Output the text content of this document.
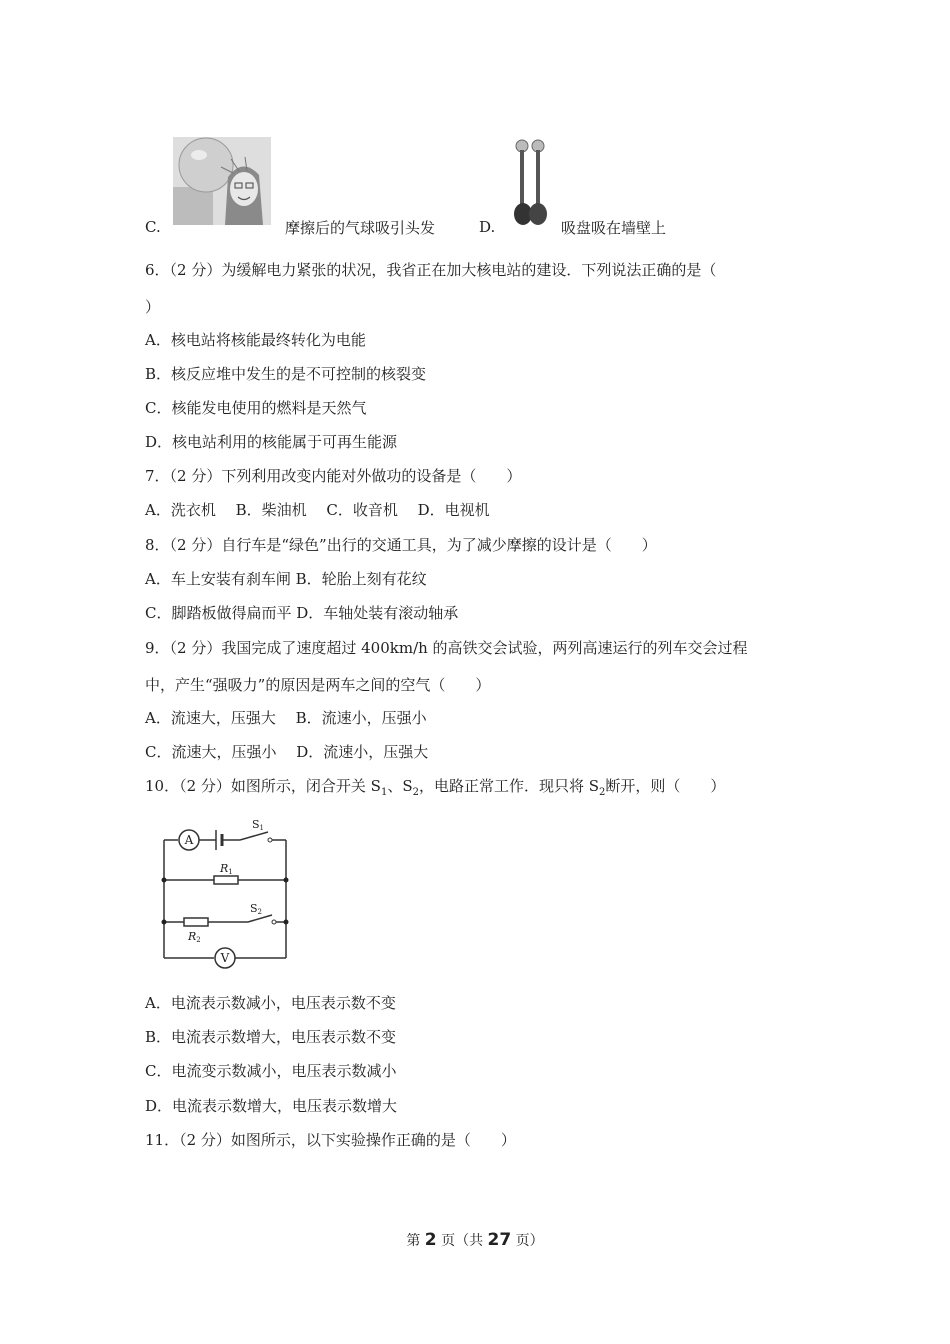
C.	摩擦后的气球吸引头发	D.	吸盘吸在墙壁上
6．（2 分）为缓解电力紧张的状况，我省正在加大核电站的建设．下列说法正确的是（
）
A．核电站将核能最终转化为电能
B．核反应堆中发生的是不可控制的核裂变
C．核能发电使用的燃料是天然气
D．核电站利用的核能属于可再生能源
7．（2 分）下列利用改变内能对外做功的设备是（　　）
A．洗衣机　 B．柴油机　 C．收音机　 D．电视机
8．（2 分）自行车是“绿色”出行的交通工具，为了减少摩擦的设计是（　　）
A．车上安装有刹车闸 B．轮胎上刻有花纹
C．脚踏板做得扁而平 D．车轴处装有滚动轴承
9．（2 分）我国完成了速度超过 400km/h 的高铁交会试验，两列高速运行的列车交会过程
中，产生“强吸力”的原因是两车之间的空气（　　）
A．流速大，压强大　 B．流速小，压强小
C．流速大，压强小　 D．流速小，压强大
10．（2 分）如图所示，闭合开关 $S_1$、$S_2$，电路正常工作．现只将 $S_2$断开，则（　　）
A
S1
R1
S2
R2
V
A．电流表示数减小，电压表示数不变
B．电流表示数增大，电压表示数不变
C．电流变示数减小，电压表示数减小
D．电流表示数增大，电压表示数增大
11．（2 分）如图所示，以下实验操作正确的是（　　）
第 2 页（共 27 页）
